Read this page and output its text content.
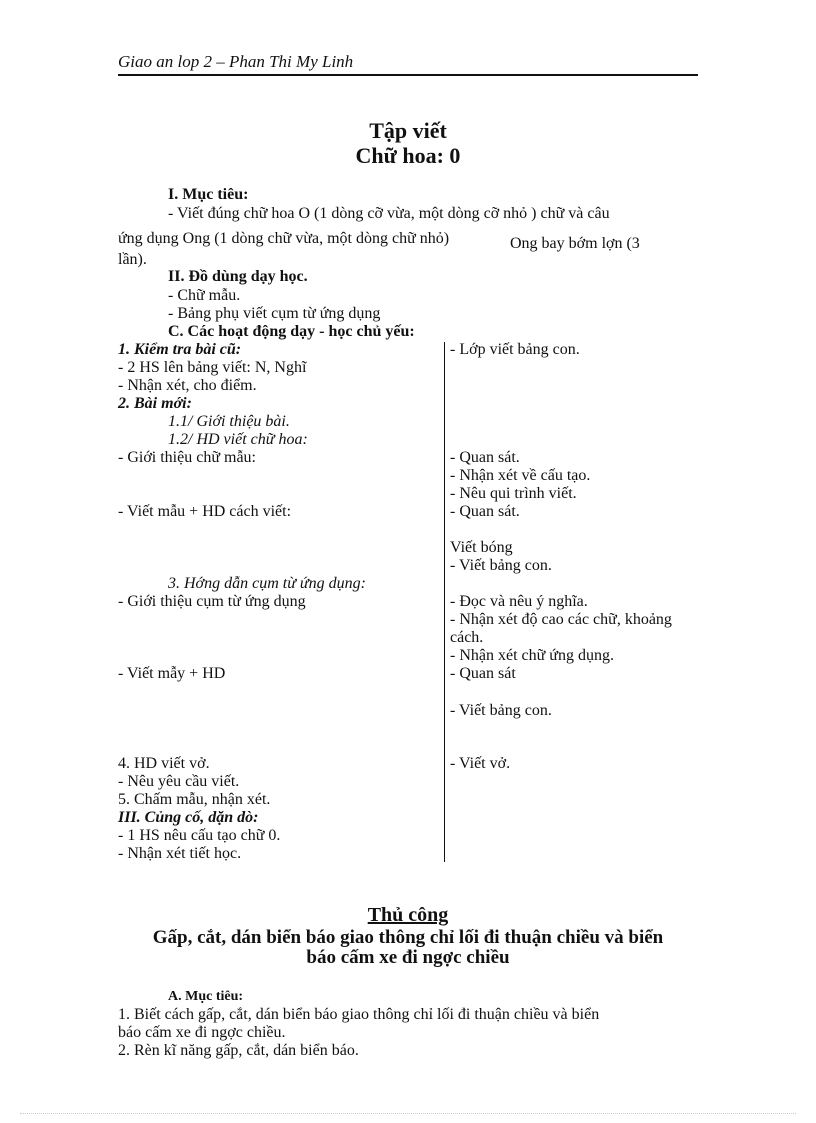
Giao an lop 2 – Phan Thi My Linh
Tập viết
Chữ hoa: 0
I. Mục tiêu:
- Viết đúng chữ hoa O (1 dòng cỡ vừa, một dòng cỡ nhỏ ) chữ và câu
ứng dụng Ong (1 dòng chữ vừa, một dòng chữ nhỏ)	Ong bay bớm lợn (3
lần).
II. Đồ dùng dạy học.
- Chữ mẫu.
- Bảng phụ viết cụm từ ứng dụng
C. Các hoạt động dạy - học chủ yếu:
1. Kiểm tra bài cũ:
- 2 HS lên bảng viết: N, Nghĩ
- Nhận xét, cho điểm.
2. Bài mới:
1.1/ Giới thiệu bài.
1.2/ HD viết chữ hoa:
- Giới thiệu chữ mẫu:
- Viết mẫu + HD cách viết:
3. Hớng dẫn cụm từ ứng dụng:
- Giới thiệu cụm từ ứng dụng
- Viết mẫy + HD
4. HD viết vở.
- Nêu yêu cầu viết.
5. Chấm mẫu, nhận xét.
III. Củng cố, dặn dò:
- 1 HS nêu cấu tạo chữ 0.
- Nhận xét tiết học.
- Lớp viết bảng con.
- Quan sát.
- Nhận xét về cấu tạo.
- Nêu qui trình viết.
- Quan sát.
Viết bóng
- Viết bảng con.
- Đọc và nêu ý nghĩa.
- Nhận xét độ cao các chữ, khoảng
cách.
- Nhận xét chữ ứng dụng.
- Quan sát
- Viết bảng con.
- Viết vở.
Thủ công
Gấp, cắt, dán biển báo giao thông chỉ lối đi thuận chiều và biển
báo cấm xe đi ngợc chiều
A. Mục tiêu:
1. Biết cách gấp, cắt, dán biển báo giao thông chỉ lối đi thuận chiều và biển
báo cấm xe đi ngợc chiều.
2. Rèn kĩ năng gấp, cắt, dán biển báo.
